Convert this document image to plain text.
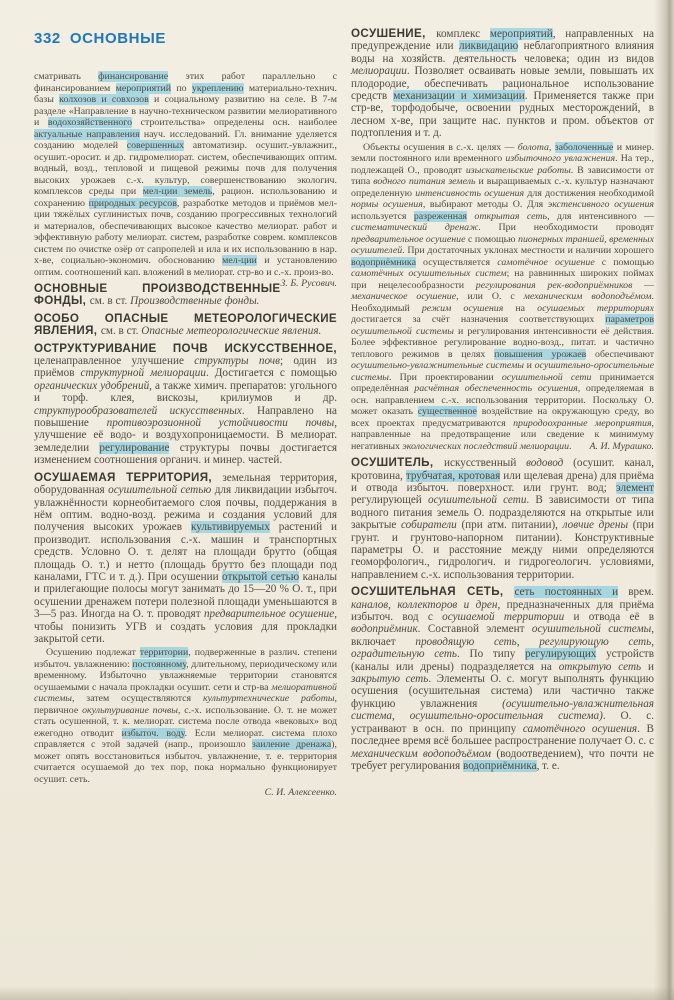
332 ОСНОВНЫЕ

сматривать финансирование этих работ параллельно с финансированием мероприятий по укреплению материально-технич. базы колхозов и совхозов и социальному развитию на селе. В 7-м разделе «Направление в научно-техническом развитии мелиоративного и водохозяйственного строительства» определены осн. наиболее актуальные направления науч. исследований. Гл. внимание уделяется созданию моделей совершенных автоматизир. осушит.-увлажнит., осушит.-оросит. и др. гидромелиорат. систем, обеспечивающих оптим. водный, возд., тепловой и пищевой режимы почв для получения высоких урожаев с.-х. культур, совершенствованию экологич. комплексов среды при мел-ции земель, рацион. использованию и сохранению природных ресурсов, разработке методов и приёмов мел-ции тяжёлых суглинистых почв, созданию прогрессивных технологий и материалов, обеспечивающих высокое качество мелиорат. работ и эффективную работу мелиорат. систем, разработке соврем. комплексов систем по очистке озёр от сапропелей и ила и их использованию в нар. х-ве, социально-экономич. обоснованию мел-ции и установлению оптим. соотношений кап. вложений в мелиорат. стр-во и с.-х. произ-во.
З. Б. Русович.

ОСНОВНЫЕ ПРОИЗВОДСТВЕННЫЕ ФОНДЫ, см. в ст. Производственные фонды.

ОСОБО ОПАСНЫЕ МЕТЕОРОЛОГИЧЕСКИЕ ЯВЛЕНИЯ, см. в ст. Опасные метеорологические явления.

ОСТРУКТУРИВАНИЕ ПОЧВ ИСКУССТВЕННОЕ, целенаправленное улучшение структуры почв; один из приёмов структурной мелиорации. Достигается с помощью органических удобрений, а также химич. препаратов: угольного и торф. клея, вискозы, крилиумов и др. структурообразователей искусственных. Направлено на повышение противоэрозионной устойчивости почвы, улучшение её водо- и воздухопроницаемости. В мелиорат. земледелии регулирование структуры почвы достигается изменением соотношения органич. и минер. частей.

ОСУШАЕМАЯ ТЕРРИТОРИЯ, земельная территория, оборудованная осушительной сетью для ликвидации избыточ. увлажнённости корнеобитаемого слоя почвы, поддержания в нём оптим. водно-возд. режима и создания условий для получения высоких урожаев культивируемых растений и производит. использования с.-х. машин и транспортных средств. Условно О. т. делят на площади брутто (общая площадь О. т.) и нетто (площадь брутто без площади под каналами, ГТС и т. д.). При осушении открытой сетью каналы и прилегающие полосы могут занимать до 15—20 % О. т., при осушении дренажем потери полезной площади уменьшаются в 3—5 раз. Иногда на О. т. проводят предварительное осушение, чтобы понизить УГВ и создать условия для прокладки закрытой сети.

Осушению подлежат территории, подверженные в различ. степени избыточ. увлажнению: постоянному, длительному, периодическому или временному. Избыточно увлажняемые территории становятся осушаемыми с начала прокладки осушит. сети и стр-ва мелиоративной системы, затем осуществляются культуртехнические работы, первичное окультуривание почвы, с.-х. использование. О. т. не может стать осушенной, т. к. мелиорат. система после отвода «вековых» вод ежегодно отводит избыточ. воду. Если мелиорат. система плохо справляется с этой задачей (напр., произошло заиление дренажа), может опять восстановиться избыточ. увлажнение, т. е. территория считается осушаемой до тех пор, пока нормально функционирует осушит. сеть.

С. И. Алексеенко.

ОСУШЕНИЕ, комплекс мероприятий, направленных на предупреждение или ликвидацию неблагоприятного влияния воды на хозяйств. деятельность человека; один из видов мелиорации. Позволяет осваивать новые земли, повышать их плодородие, обеспечивать рациональное использование средств механизации и химизации. Применяется также при стр-ве, торфодобыче, освоении рудных месторождений, в лесном х-ве, при защите нас. пунктов и пром. объектов от подтопления и т. д.

Объекты осушения в с.-х. целях — болота, заболоченные и минер. земли постоянного или временного избыточного увлажнения. На тер., подлежащей О., проводят изыскательские работы. В зависимости от типа водного питания земель и выращиваемых с.-х. культур назначают определенную интенсивность осушения для достижения необходимой нормы осушения, выбирают методы О. Для экстенсивного осушения используется разреженная открытая сеть, для интенсивного — систематический дренаж. При необходимости проводят предварительное осушение с помощью пионерных траншей, временных осушителей. При достаточных уклонах местности и наличии хорошего водоприёмника осуществляется самотёчное осушение с помощью самотёчных осушительных систем; на равнинных широких поймах при нецелесообразности регулирования рек-водоприёмников — механическое осушение, или О. с механическим водоподъёмом. Необходимый режим осушения на осушаемых территориях достигается за счёт назначения соответствующих параметров осушительной системы и регулирования интенсивности её действия. Более эффективное регулирование водно-возд., питат. и частично теплового режимов в целях повышения урожаев обеспечивают осушительно-увлажнительные системы и осушительно-оросительные системы. При проектировании осушительной сети принимается определённая расчётная обеспеченность осушения, определяемая в осн. направлением с.-х. использования территории. Поскольку О. может оказать существенное воздействие на окружающую среду, во всех проектах предусматриваются природоохранные мероприятия, направленные на предотвращение или сведение к минимуму негативных экологических последствий мелиорации.	А. И. Мурашко.

ОСУШИТЕЛЬ, искусственный водовод (осушит. канал, кротовина, трубчатая, кротовая или щелевая дрена) для приёма и отвода избыточ. поверхност. или грунт. вод; элемент регулирующей осушительной сети. В зависимости от типа водного питания земель О. подразделяются на открытые или закрытые собиратели (при атм. питании), ловчие дрены (при грунт. и грунтово-напорном питании). Конструктивные параметры О. и расстояние между ними определяются геоморфологич., гидрологич. и гидрогеологич. условиями, направлением с.-х. использования территории.

ОСУШИТЕЛЬНАЯ СЕТЬ, сеть постоянных и врем. каналов, коллекторов и дрен, предназначенных для приёма избыточ. вод с осушаемой территории и отвода её в водоприёмник. Составной элемент осушительной системы, включает проводящую сеть, регулирующую сеть, оградительную сеть. По типу регулирующих устройств (каналы или дрены) подразделяется на открытую сеть и закрытую сеть. Элементы О. с. могут выполнять функцию осушения (осушительная система) или частично также функцию увлажнения (осушительно-увлажнительная система, осушительно-оросительная система). О. с. устраивают в осн. по принципу самотёчного осушения. В последнее время всё большее распространение получает О. с. с механическим водоподъёмом (водоотведением), что почти не требует регулирования водоприёмника, т. е.
